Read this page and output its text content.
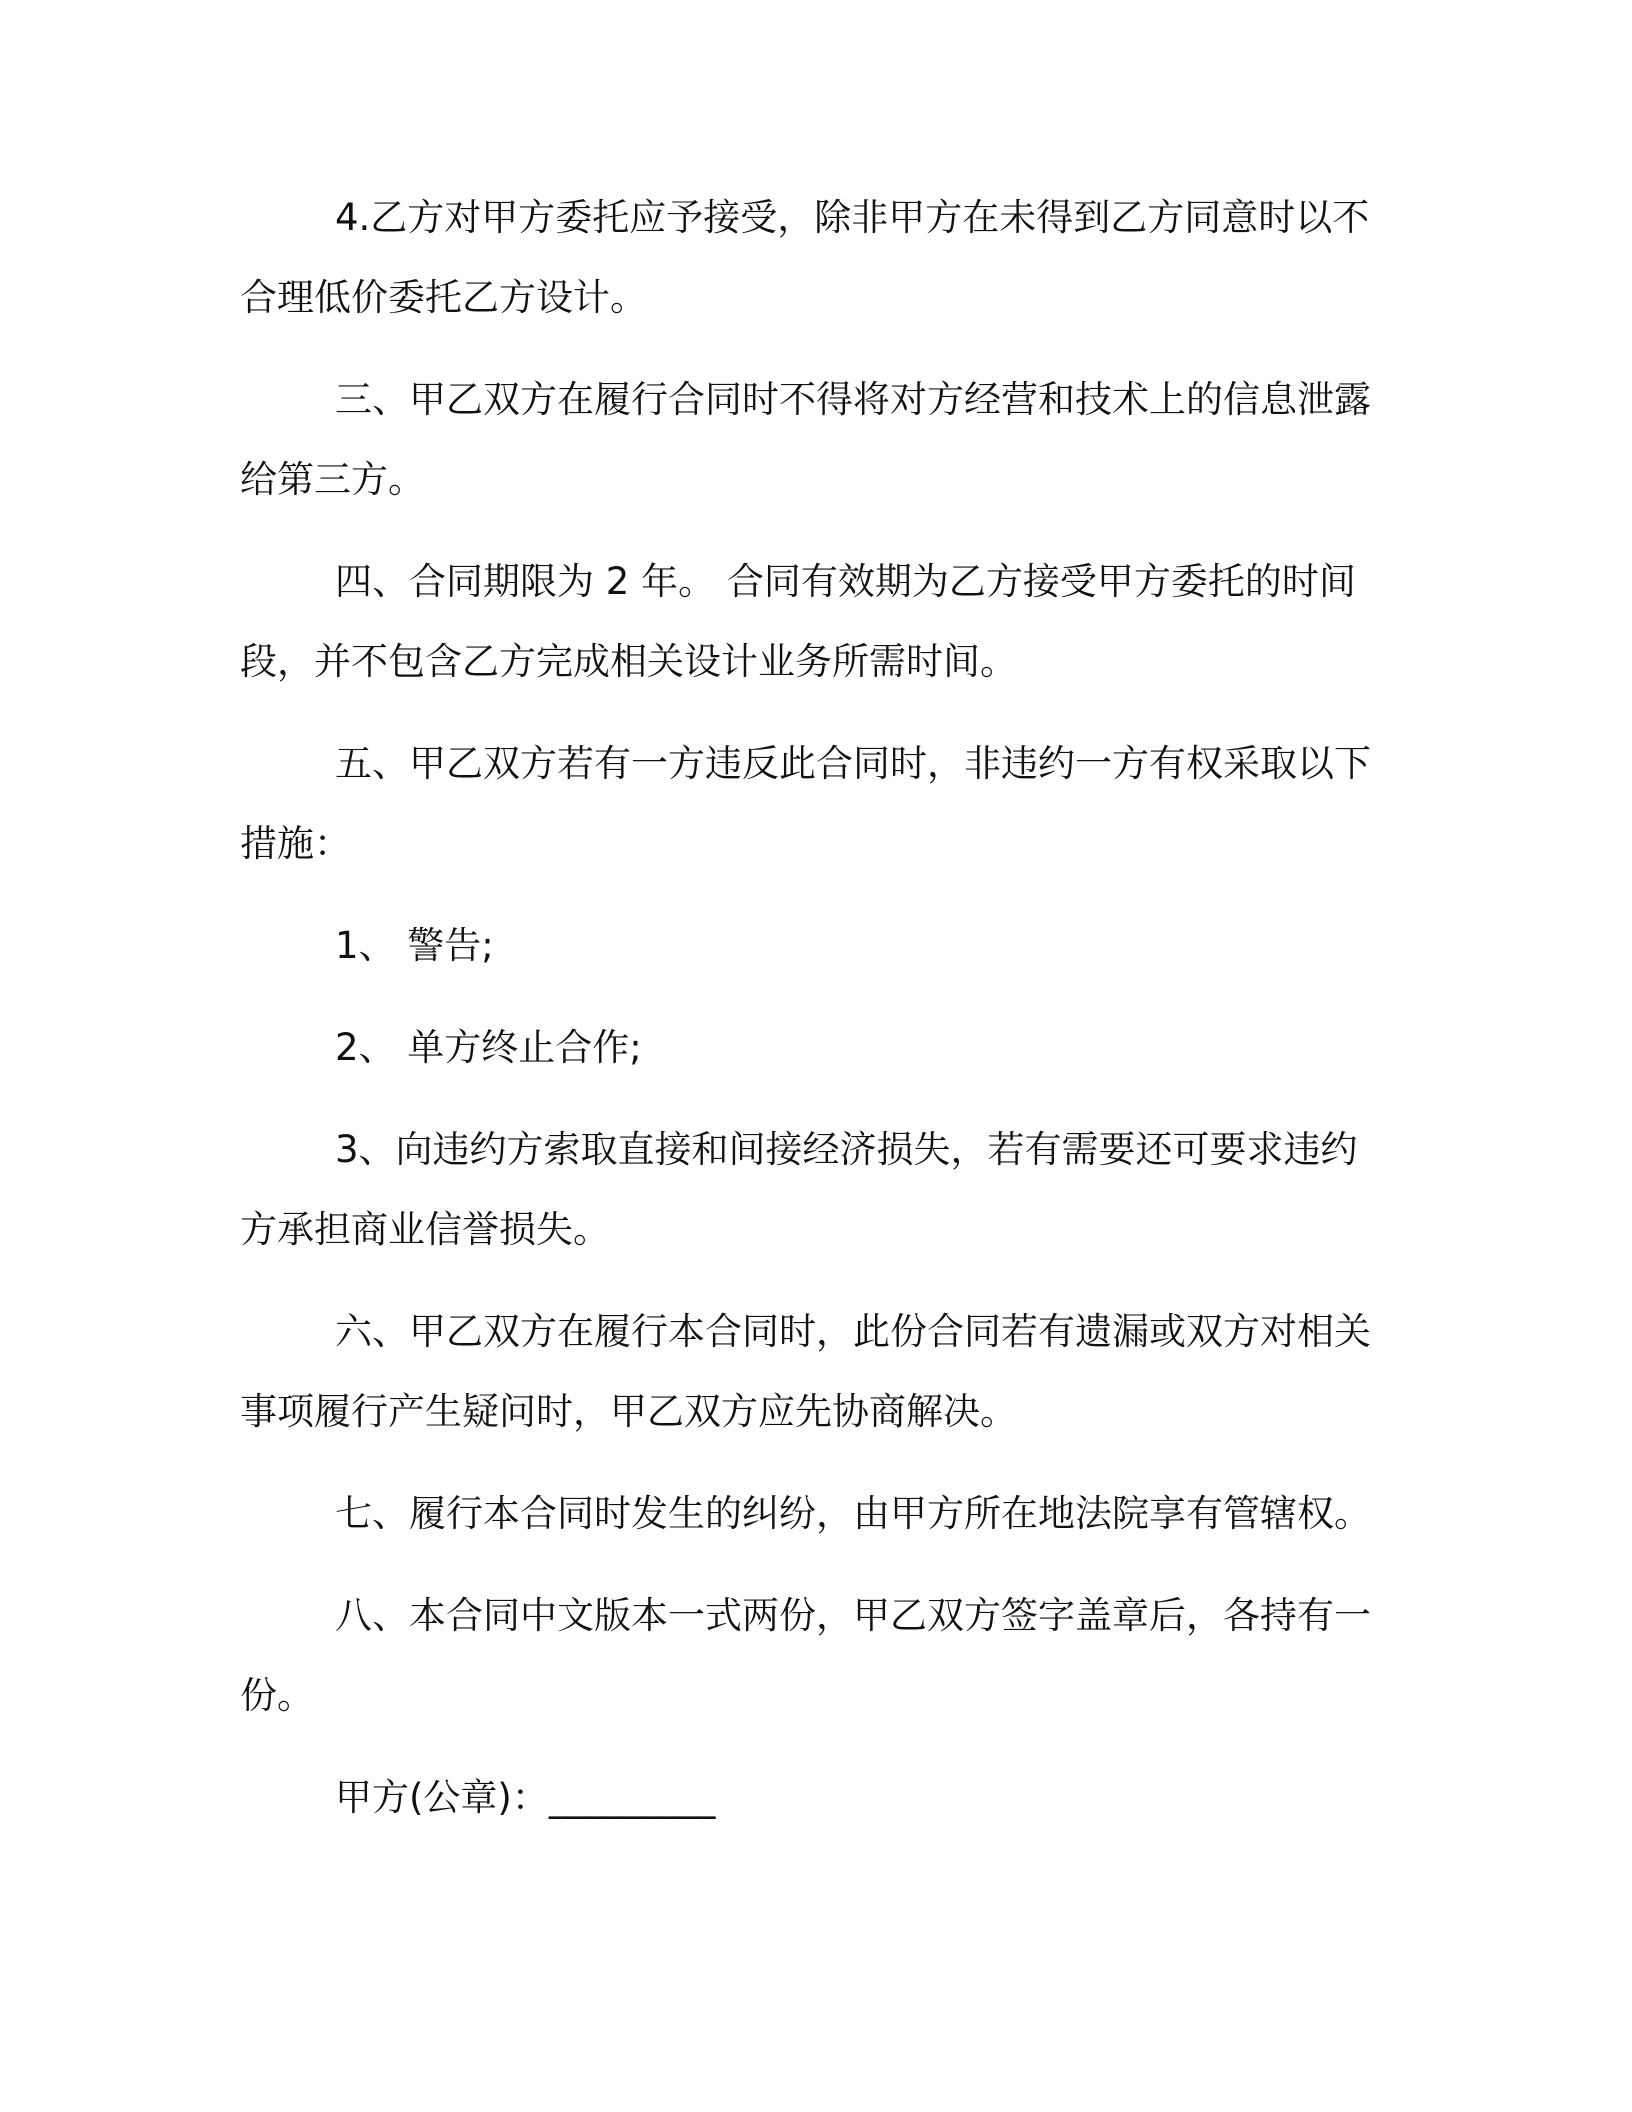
4.乙方对甲方委托应予接受，除非甲方在未得到乙方同意时以不合理低价委托乙方设计。

三、甲乙双方在履行合同时不得将对方经营和技术上的信息泄露给第三方。

四、合同期限为 2 年。 合同有效期为乙方接受甲方委托的时间段，并不包含乙方完成相关设计业务所需时间。

五、甲乙双方若有一方违反此合同时，非违约一方有权采取以下措施：

1、 警告;

2、 单方终止合作;

3、向违约方索取直接和间接经济损失，若有需要还可要求违约方承担商业信誉损失。

六、甲乙双方在履行本合同时，此份合同若有遗漏或双方对相关事项履行产生疑问时，甲乙双方应先协商解决。

七、履行本合同时发生的纠纷，由甲方所在地法院享有管辖权。

八、本合同中文版本一式两份，甲乙双方签字盖章后，各持有一份。

甲方(公章)：_________
